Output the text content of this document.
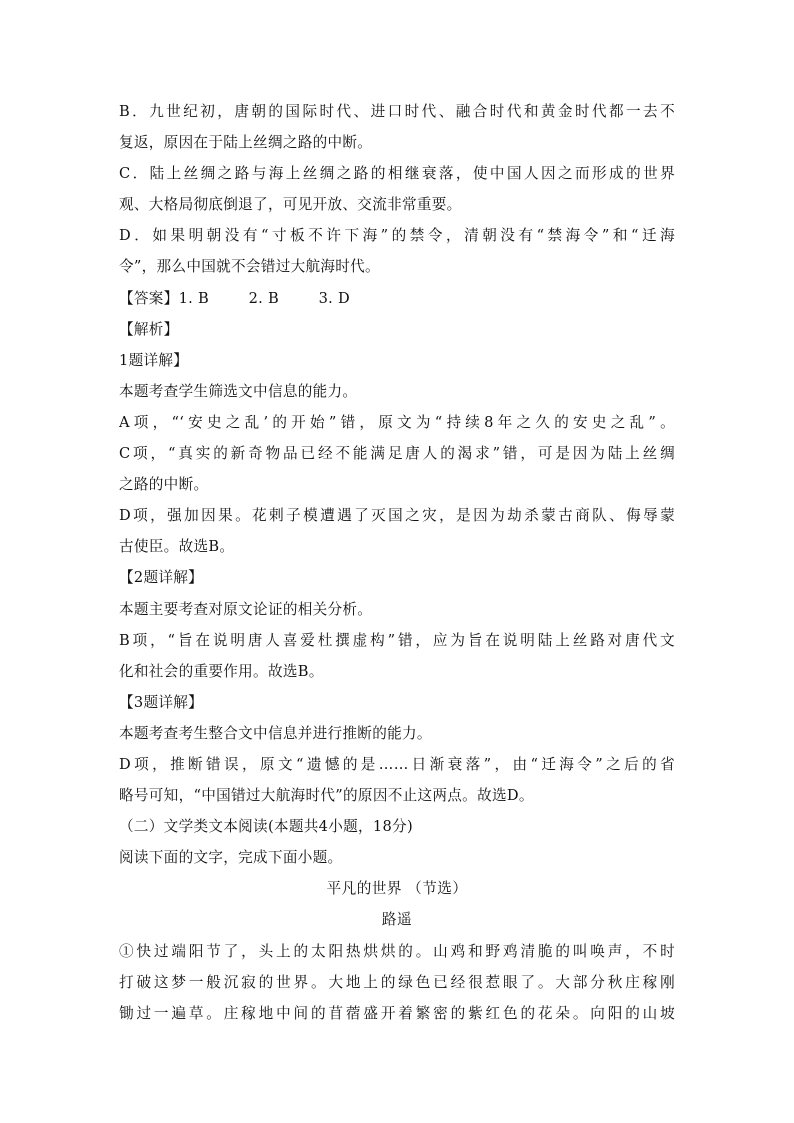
B．九世纪初，唐朝的国际时代、进口时代、融合时代和黄金时代都一去不
复返，原因在于陆上丝绸之路的中断。
C．陆上丝绸之路与海上丝绸之路的相继衰落，使中国人因之而形成的世界
观、大格局彻底倒退了，可见开放、交流非常重要。
D．如果明朝没有“寸板不许下海”的禁令，清朝没有“禁海令”和“迁海
令”，那么中国就不会错过大航海时代。
【答案】1. B        2. B        3. D
【解析】
1题详解】
本题考查学生筛选文中信息的能力。
A项，“‘安史之乱’的开始”错，原文为“持续8年之久的安史之乱”。
C项，“真实的新奇物品已经不能满足唐人的渴求”错，可是因为陆上丝绸
之路的中断。
D项，强加因果。花剌子模遭遇了灭国之灾，是因为劫杀蒙古商队、侮辱蒙
古使臣。故选B。
【2题详解】
本题主要考查对原文论证的相关分析。
B项，“旨在说明唐人喜爱杜撰虚构”错，应为旨在说明陆上丝路对唐代文
化和社会的重要作用。故选B。
【3题详解】
本题考查考生整合文中信息并进行推断的能力。
D项，推断错误，原文“遗憾的是……日渐衰落”，由“迁海令”之后的省
略号可知，“中国错过大航海时代”的原因不止这两点。故选D。
（二）文学类文本阅读(本题共4小题，18分)
阅读下面的文字，完成下面小题。
平凡的世界 （节选）
路遥
①快过端阳节了，头上的太阳热烘烘的。山鸡和野鸡清脆的叫唤声，不时
打破这梦一般沉寂的世界。大地上的绿色已经很惹眼了。大部分秋庄稼刚
锄过一遍草。庄稼地中间的苜蓿盛开着繁密的紫红色的花朵。向阳的山坡
